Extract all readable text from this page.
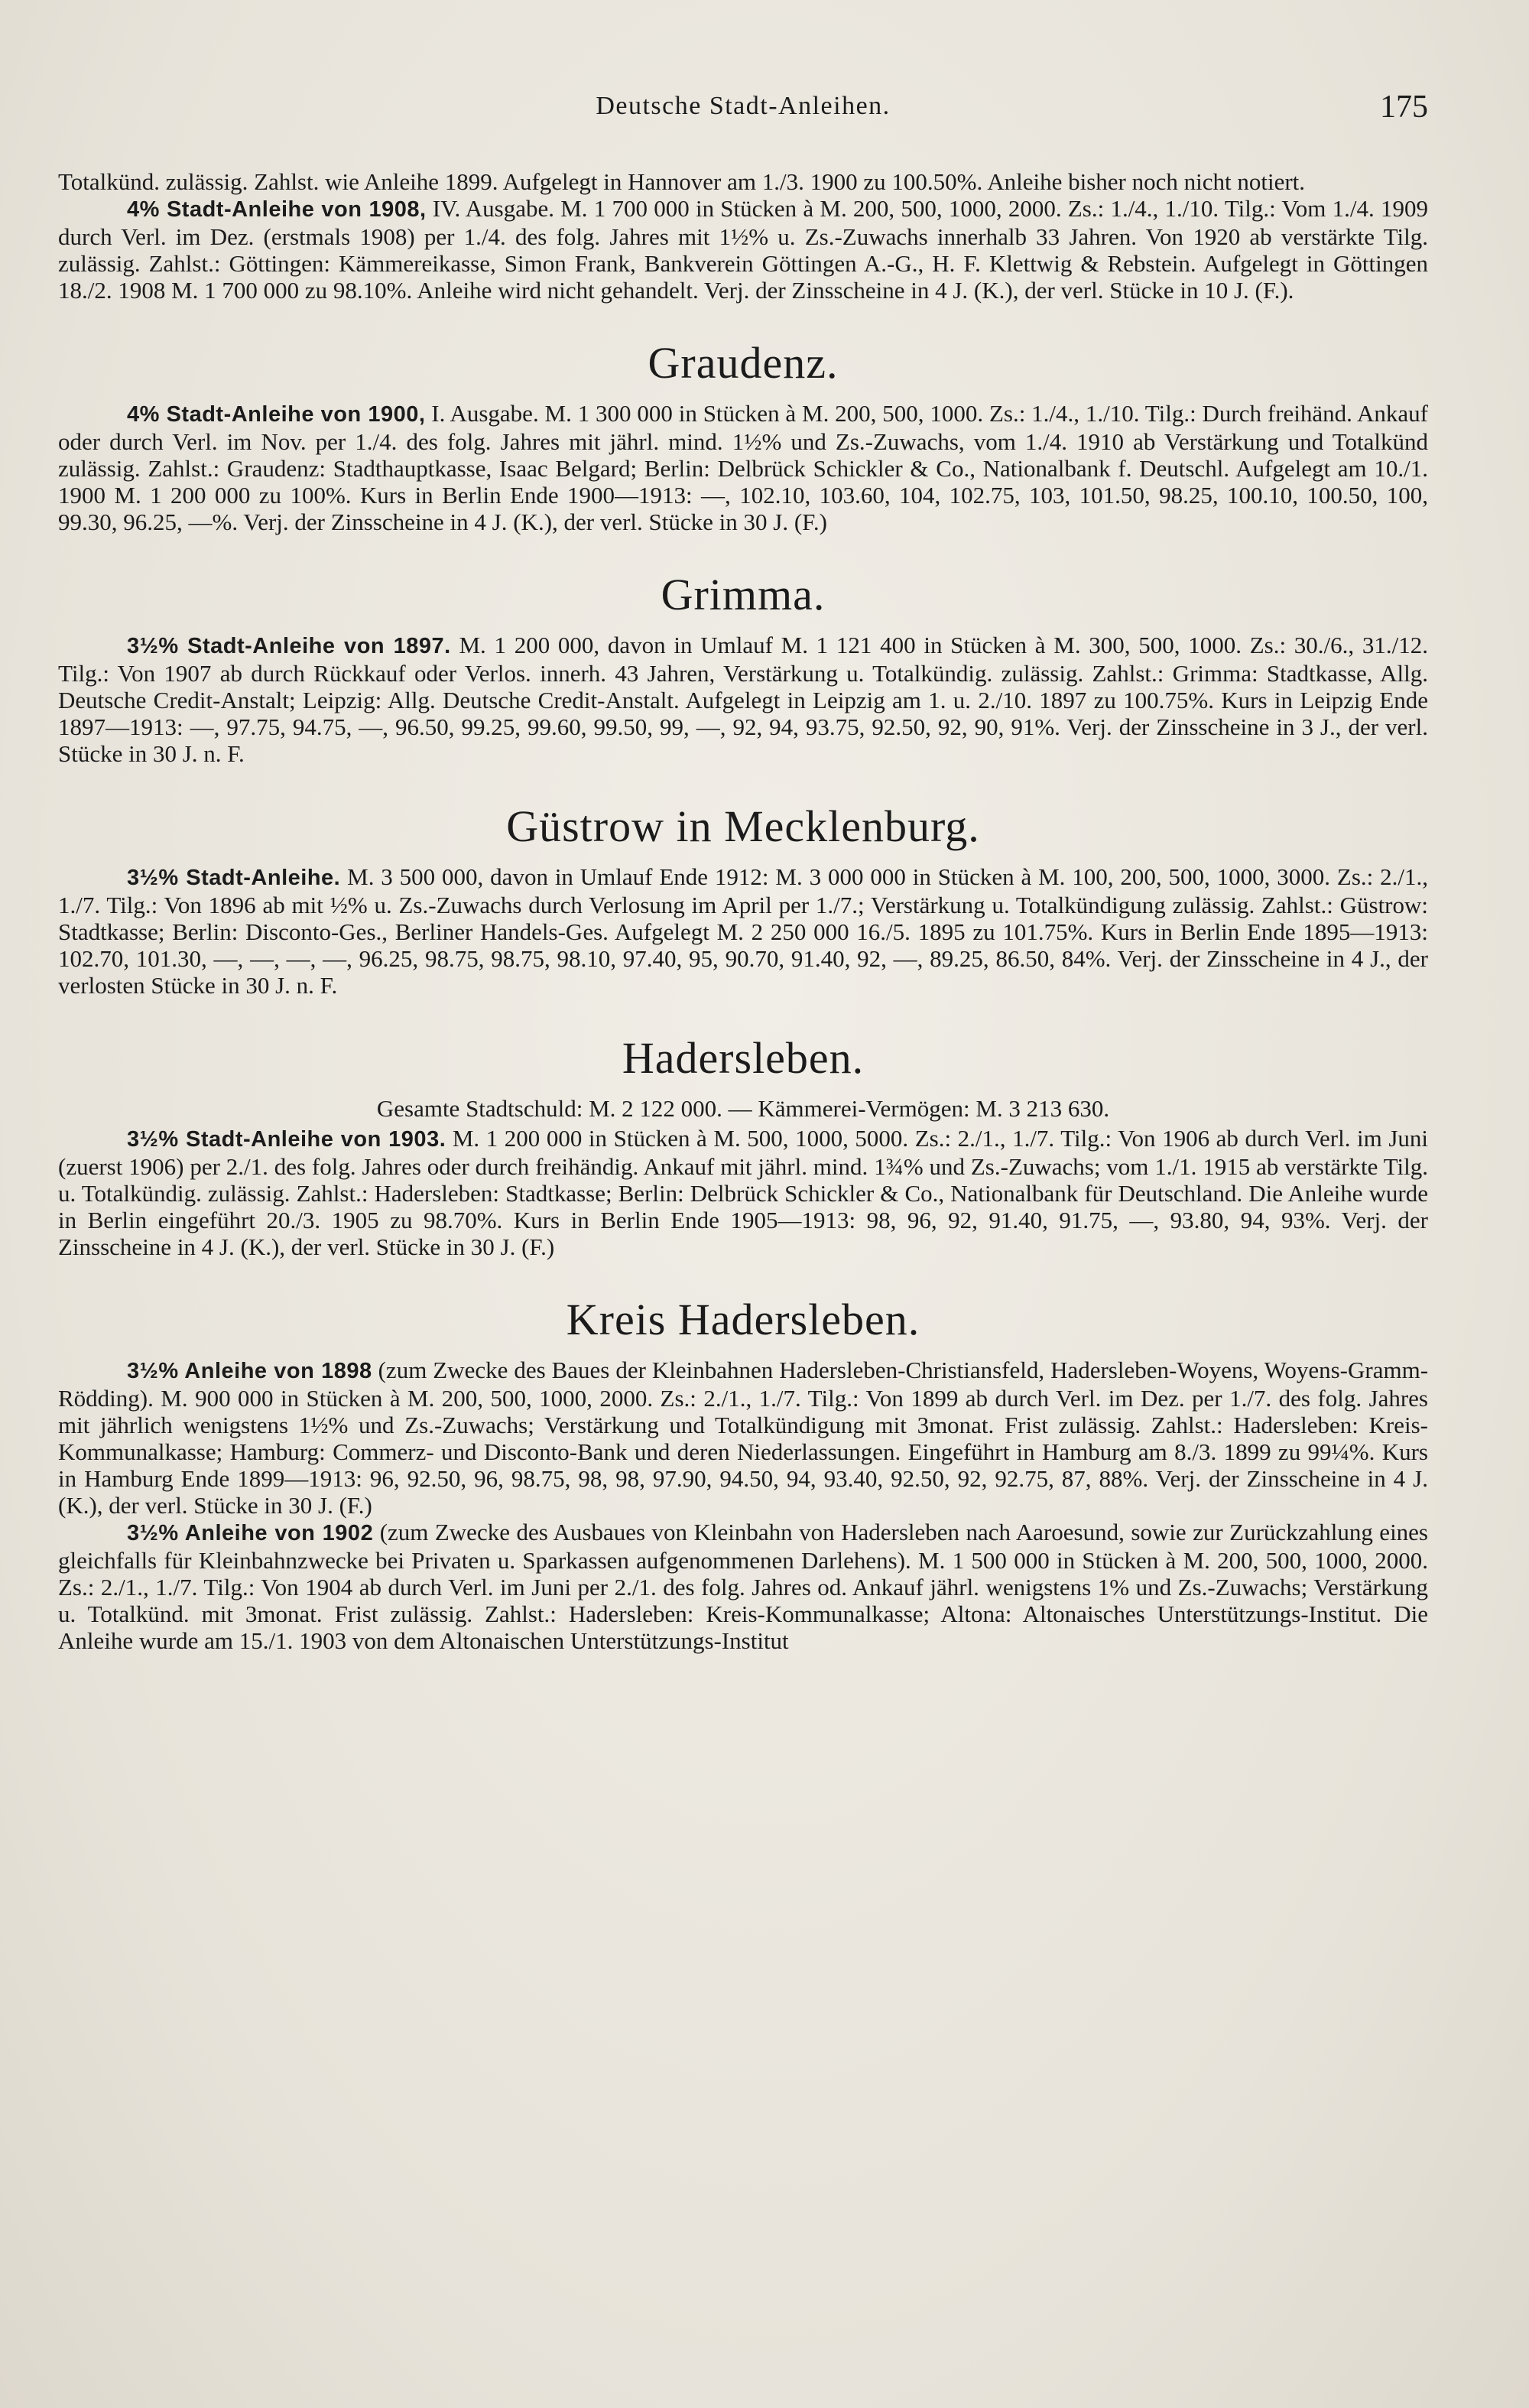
Deutsche Stadt-Anleihen.	175

Totalkünd. zulässig. Zahlst. wie Anleihe 1899. Aufgelegt in Hannover am 1./3. 1900 zu 100.50%. Anleihe bisher noch nicht notiert.

4% Stadt-Anleihe von 1908, IV. Ausgabe. M. 1 700 000 in Stücken à M. 200, 500, 1000, 2000. Zs.: 1./4., 1./10. Tilg.: Vom 1./4. 1909 durch Verl. im Dez. (erstmals 1908) per 1./4. des folg. Jahres mit 1½% u. Zs.-Zuwachs innerhalb 33 Jahren. Von 1920 ab verstärkte Tilg. zulässig. Zahlst.: Göttingen: Kämmereikasse, Simon Frank, Bankverein Göttingen A.-G., H. F. Klettwig & Rebstein. Aufgelegt in Göttingen 18./2. 1908 M. 1 700 000 zu 98.10%. Anleihe wird nicht gehandelt. Verj. der Zinsscheine in 4 J. (K.), der verl. Stücke in 10 J. (F.).

Graudenz.

4% Stadt-Anleihe von 1900, I. Ausgabe. M. 1 300 000 in Stücken à M. 200, 500, 1000. Zs.: 1./4., 1./10. Tilg.: Durch freihänd. Ankauf oder durch Verl. im Nov. per 1./4. des folg. Jahres mit jährl. mind. 1½% und Zs.-Zuwachs, vom 1./4. 1910 ab Verstärkung und Totalkünd zulässig. Zahlst.: Graudenz: Stadthauptkasse, Isaac Belgard; Berlin: Delbrück Schickler & Co., Nationalbank f. Deutschl. Aufgelegt am 10./1. 1900 M. 1 200 000 zu 100%. Kurs in Berlin Ende 1900—1913: —, 102.10, 103.60, 104, 102.75, 103, 101.50, 98.25, 100.10, 100.50, 100, 99.30, 96.25, —%. Verj. der Zinsscheine in 4 J. (K.), der verl. Stücke in 30 J. (F.)

Grimma.

3½% Stadt-Anleihe von 1897. M. 1 200 000, davon in Umlauf M. 1 121 400 in Stücken à M. 300, 500, 1000. Zs.: 30./6., 31./12. Tilg.: Von 1907 ab durch Rückkauf oder Verlos. innerh. 43 Jahren, Verstärkung u. Totalkündig. zulässig. Zahlst.: Grimma: Stadtkasse, Allg. Deutsche Credit-Anstalt; Leipzig: Allg. Deutsche Credit-Anstalt. Aufgelegt in Leipzig am 1. u. 2./10. 1897 zu 100.75%. Kurs in Leipzig Ende 1897—1913: —, 97.75, 94.75, —, 96.50, 99.25, 99.60, 99.50, 99, —, 92, 94, 93.75, 92.50, 92, 90, 91%. Verj. der Zinsscheine in 3 J., der verl. Stücke in 30 J. n. F.

Güstrow in Mecklenburg.

3½% Stadt-Anleihe. M. 3 500 000, davon in Umlauf Ende 1912: M. 3 000 000 in Stücken à M. 100, 200, 500, 1000, 3000. Zs.: 2./1., 1./7. Tilg.: Von 1896 ab mit ½% u. Zs.-Zuwachs durch Verlosung im April per 1./7.; Verstärkung u. Totalkündigung zulässig. Zahlst.: Güstrow: Stadtkasse; Berlin: Disconto-Ges., Berliner Handels-Ges. Aufgelegt M. 2 250 000 16./5. 1895 zu 101.75%. Kurs in Berlin Ende 1895—1913: 102.70, 101.30, —, —, —, —, 96.25, 98.75, 98.75, 98.10, 97.40, 95, 90.70, 91.40, 92, —, 89.25, 86.50, 84%. Verj. der Zinsscheine in 4 J., der verlosten Stücke in 30 J. n. F.

Hadersleben.

Gesamte Stadtschuld: M. 2 122 000. — Kämmerei-Vermögen: M. 3 213 630.

3½% Stadt-Anleihe von 1903. M. 1 200 000 in Stücken à M. 500, 1000, 5000. Zs.: 2./1., 1./7. Tilg.: Von 1906 ab durch Verl. im Juni (zuerst 1906) per 2./1. des folg. Jahres oder durch freihändig. Ankauf mit jährl. mind. 1¾% und Zs.-Zuwachs; vom 1./1. 1915 ab verstärkte Tilg. u. Totalkündig. zulässig. Zahlst.: Hadersleben: Stadtkasse; Berlin: Delbrück Schickler & Co., Nationalbank für Deutschland. Die Anleihe wurde in Berlin eingeführt 20./3. 1905 zu 98.70%. Kurs in Berlin Ende 1905—1913: 98, 96, 92, 91.40, 91.75, —, 93.80, 94, 93%. Verj. der Zinsscheine in 4 J. (K.), der verl. Stücke in 30 J. (F.)

Kreis Hadersleben.

3½% Anleihe von 1898 (zum Zwecke des Baues der Kleinbahnen Hadersleben-Christiansfeld, Hadersleben-Woyens, Woyens-Gramm-Rödding). M. 900 000 in Stücken à M. 200, 500, 1000, 2000. Zs.: 2./1., 1./7. Tilg.: Von 1899 ab durch Verl. im Dez. per 1./7. des folg. Jahres mit jährlich wenigstens 1½% und Zs.-Zuwachs; Verstärkung und Totalkündigung mit 3monat. Frist zulässig. Zahlst.: Hadersleben: Kreis-Kommunalkasse; Hamburg: Commerz- und Disconto-Bank und deren Niederlassungen. Eingeführt in Hamburg am 8./3. 1899 zu 99¼%. Kurs in Hamburg Ende 1899—1913: 96, 92.50, 96, 98.75, 98, 98, 97.90, 94.50, 94, 93.40, 92.50, 92, 92.75, 87, 88%. Verj. der Zinsscheine in 4 J. (K.), der verl. Stücke in 30 J. (F.)

3½% Anleihe von 1902 (zum Zwecke des Ausbaues von Kleinbahn von Hadersleben nach Aaroesund, sowie zur Zurückzahlung eines gleichfalls für Kleinbahnzwecke bei Privaten u. Sparkassen aufgenommenen Darlehens). M. 1 500 000 in Stücken à M. 200, 500, 1000, 2000. Zs.: 2./1., 1./7. Tilg.: Von 1904 ab durch Verl. im Juni per 2./1. des folg. Jahres od. Ankauf jährl. wenigstens 1% und Zs.-Zuwachs; Verstärkung u. Totalkünd. mit 3monat. Frist zulässig. Zahlst.: Hadersleben: Kreis-Kommunalkasse; Altona: Altonaisches Unterstützungs-Institut. Die Anleihe wurde am 15./1. 1903 von dem Altonaischen Unterstützungs-Institut
